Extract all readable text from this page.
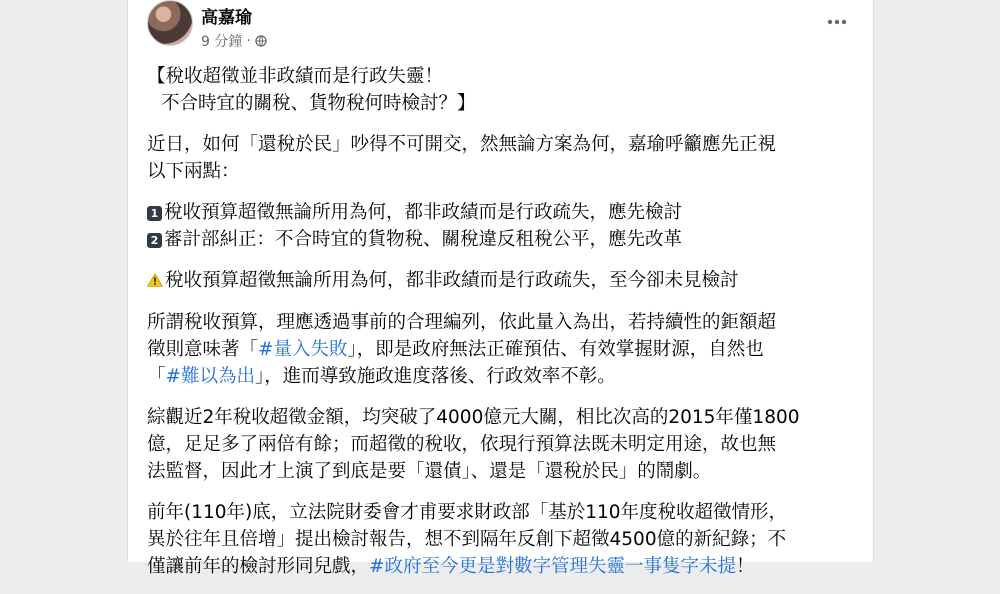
高嘉瑜
9 分鐘 ·

【稅收超徵並非政績而是行政失靈！
不合時宜的關稅、貨物稅何時檢討？】

近日，如何「還稅於民」吵得不可開交，然無論方案為何，嘉瑜呼籲應先正視
以下兩點：

1 稅收預算超徵無論所用為何，都非政績而是行政疏失，應先檢討
2 審計部糾正：不合時宜的貨物稅、關稅違反租稅公平，應先改革

稅收預算超徵無論所用為何，都非政績而是行政疏失，至今卻未見檢討

所謂稅收預算，理應透過事前的合理編列，依此量入為出，若持續性的鉅額超
徵則意味著「#量入失敗」，即是政府無法正確預估、有效掌握財源，自然也
「#難以為出」，進而導致施政進度落後、行政效率不彰。

綜觀近2年稅收超徵金額，均突破了4000億元大關，相比次高的2015年僅1800
億，足足多了兩倍有餘；而超徵的稅收，依現行預算法既未明定用途，故也無
法監督，因此才上演了到底是要「還債」、還是「還稅於民」的鬧劇。

前年(110年)底，立法院財委會才甫要求財政部「基於110年度稅收超徵情形，
異於往年且倍增」提出檢討報告，想不到隔年反創下超徵4500億的新紀錄；不
僅讓前年的檢討形同兒戲，#政府至今更是對數字管理失靈一事隻字未提！
